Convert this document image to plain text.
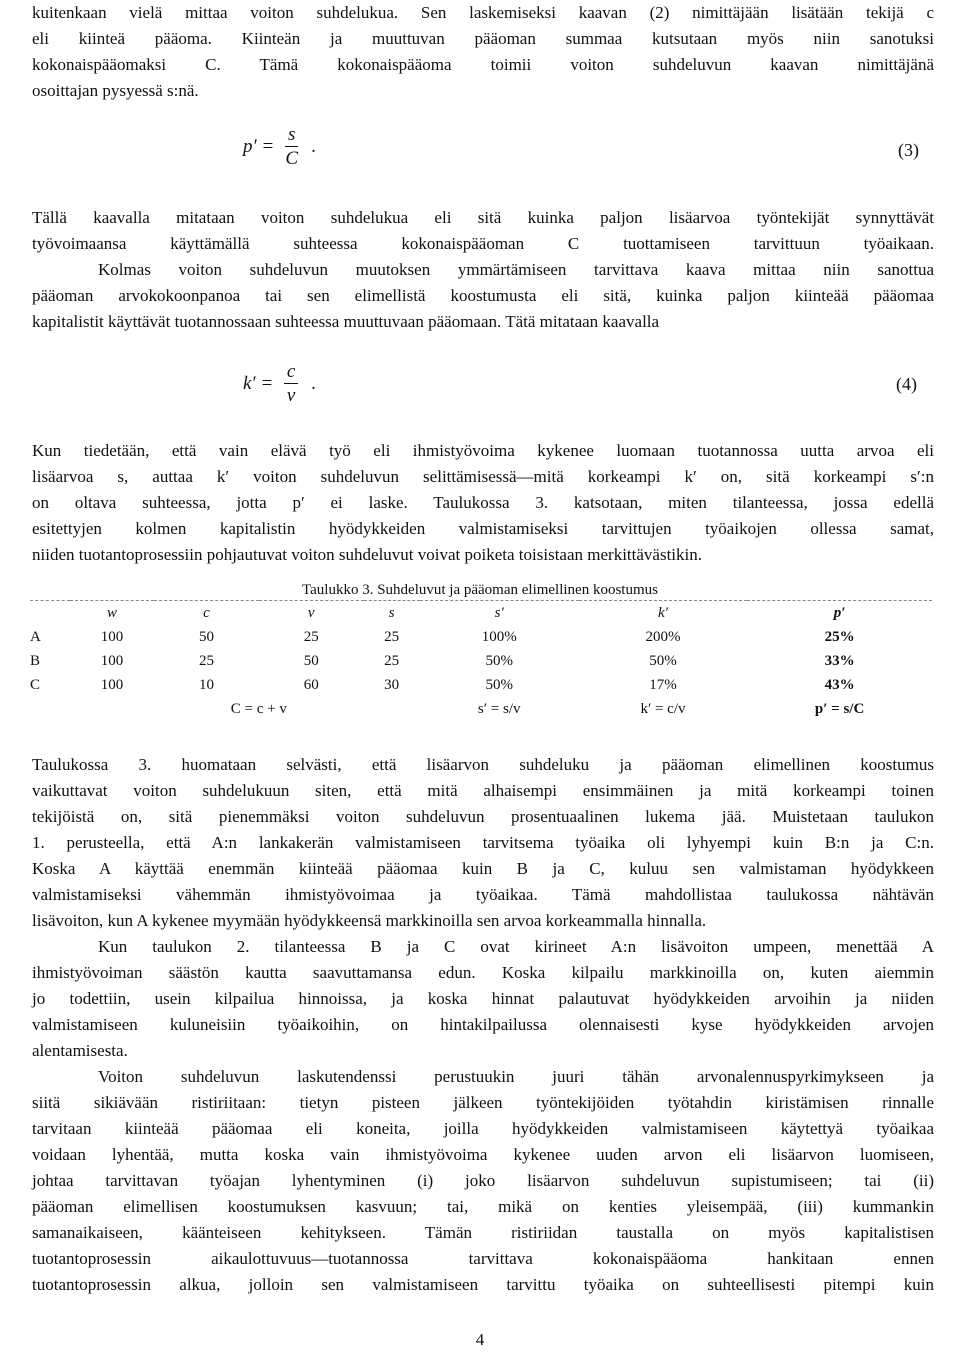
kuitenkaan vielä mittaa voiton suhdelukua. Sen laskemiseksi kaavan (2) nimittäjään lisätään tekijä c
eli kiinteä pääoma. Kiinteän ja muuttuvan pääoman summaa kutsutaan myös niin sanotuksi
kokonaispääomaksi C. Tämä kokonaispääoma toimii voiton suhdeluvun kaavan nimittäjänä
osoittajan pysyessä s:nä.
$p' = \frac{s}{C}$ .	(3)
Tällä kaavalla mitataan voiton suhdelukua eli sitä kuinka paljon lisäarvoa työntekijät synnyttävät
työvoimaansa käyttämällä suhteessa kokonaispääoman C tuottamiseen tarvittuun työaikaan.
Kolmas voiton suhdeluvun muutoksen ymmärtämiseen tarvittava kaava mittaa niin sanottua
pääoman arvokokoonpanoa tai sen elimellistä koostumusta eli sitä, kuinka paljon kiinteää pääomaa
kapitalistit käyttävät tuotannossaan suhteessa muuttuvaan pääomaan. Tätä mitataan kaavalla
$k' = \frac{c}{v}$ .	(4)
Kun tiedetään, että vain elävä työ eli ihmistyövoima kykenee luomaan tuotannossa uutta arvoa eli
lisäarvoa s, auttaa k′ voiton suhdeluvun selittämisessä—mitä korkeampi k′ on, sitä korkeampi s′:n
on oltava suhteessa, jotta p′ ei laske. Taulukossa 3. katsotaan, miten tilanteessa, jossa edellä
esitettyjen kolmen kapitalistin hyödykkeiden valmistamiseksi tarvittujen työaikojen ollessa samat,
niiden tuotantoprosessiin pohjautuvat voiton suhdeluvut voivat poiketa toisistaan merkittävästikin.
Taulukko 3. Suhdeluvut ja pääoman elimellinen koostumus
	w	c	v	s	s′	k′	p′
A	100	50	25	25	100%	200%	25%
B	100	25	50	25	50%	50%	33%
C	100	10	60	30	50%	17%	43%
		C = c + v			s′ = s/v	k′ = c/v	p′ = s/C
Taulukossa 3. huomataan selvästi, että lisäarvon suhdeluku ja pääoman elimellinen koostumus
vaikuttavat voiton suhdelukuun siten, että mitä alhaisempi ensimmäinen ja mitä korkeampi toinen
tekijöistä on, sitä pienemmäksi voiton suhdeluvun prosentuaalinen lukema jää. Muistetaan taulukon
1. perusteella, että A:n lankakerän valmistamiseen tarvitsema työaika oli lyhyempi kuin B:n ja C:n.
Koska A käyttää enemmän kiinteää pääomaa kuin B ja C, kuluu sen valmistaman hyödykkeen
valmistamiseksi vähemmän ihmistyövoimaa ja työaikaa. Tämä mahdollistaa taulukossa nähtävän
lisävoiton, kun A kykenee myymään hyödykkeensä markkinoilla sen arvoa korkeammalla hinnalla.
Kun taulukon 2. tilanteessa B ja C ovat kirineet A:n lisävoiton umpeen, menettää A
ihmistyövoiman säästön kautta saavuttamansa edun. Koska kilpailu markkinoilla on, kuten aiemmin
jo todettiin, usein kilpailua hinnoissa, ja koska hinnat palautuvat hyödykkeiden arvoihin ja niiden
valmistamiseen kuluneisiin työaikoihin, on hintakilpailussa olennaisesti kyse hyödykkeiden arvojen
alentamisesta.
Voiton suhdeluvun laskutendenssi perustuukin juuri tähän arvonalennuspyrkimykseen ja
siitä sikiävään ristiriitaan: tietyn pisteen jälkeen työntekijöiden työtahdin kiristämisen rinnalle
tarvitaan kiinteää pääomaa eli koneita, joilla hyödykkeiden valmistamiseen käytettyä työaikaa
voidaan lyhentää, mutta koska vain ihmistyövoima kykenee uuden arvon eli lisäarvon luomiseen,
johtaa tarvittavan työajan lyhentyminen (i) joko lisäarvon suhdeluvun supistumiseen; tai (ii)
pääoman elimellisen koostumuksen kasvuun; tai, mikä on kenties yleisempää, (iii) kummankin
samanaikaiseen, käänteiseen kehitykseen. Tämän ristiriidan taustalla on myös kapitalistisen
tuotantoprosessin aikaulottuvuus—tuotannossa tarvittava kokonaispääoma hankitaan ennen
tuotantoprosessin alkua, jolloin sen valmistamiseen tarvittu työaika on suhteellisesti pitempi kuin
4
